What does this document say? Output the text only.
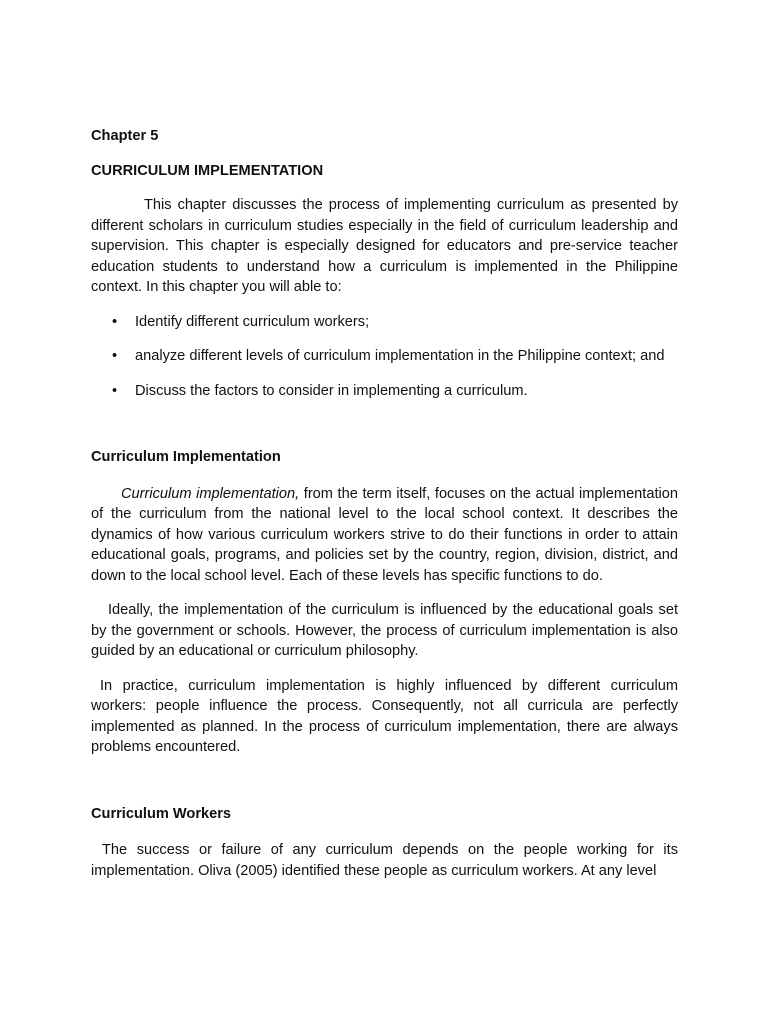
Chapter 5

CURRICULUM IMPLEMENTATION

This chapter discusses the process of implementing curriculum as presented by different scholars in curriculum studies especially in the field of curriculum leadership and supervision. This chapter is especially designed for educators and pre-service teacher education students to understand how a curriculum is implemented in the Philippine context. In this chapter you will able to:

• Identify different curriculum workers;
• analyze different levels of curriculum implementation in the Philippine context; and
• Discuss the factors to consider in implementing a curriculum.

Curriculum Implementation

Curriculum implementation, from the term itself, focuses on the actual implementation of the curriculum from the national level to the local school context. It describes the dynamics of how various curriculum workers strive to do their functions in order to attain educational goals, programs, and policies set by the country, region, division, district, and down to the local school level. Each of these levels has specific functions to do.

Ideally, the implementation of the curriculum is influenced by the educational goals set by the government or schools. However, the process of curriculum implementation is also guided by an educational or curriculum philosophy.

In practice, curriculum implementation is highly influenced by different curriculum workers: people influence the process. Consequently, not all curricula are perfectly implemented as planned. In the process of curriculum implementation, there are always problems encountered.

Curriculum Workers

The success or failure of any curriculum depends on the people working for its implementation. Oliva (2005) identified these people as curriculum workers. At any level
